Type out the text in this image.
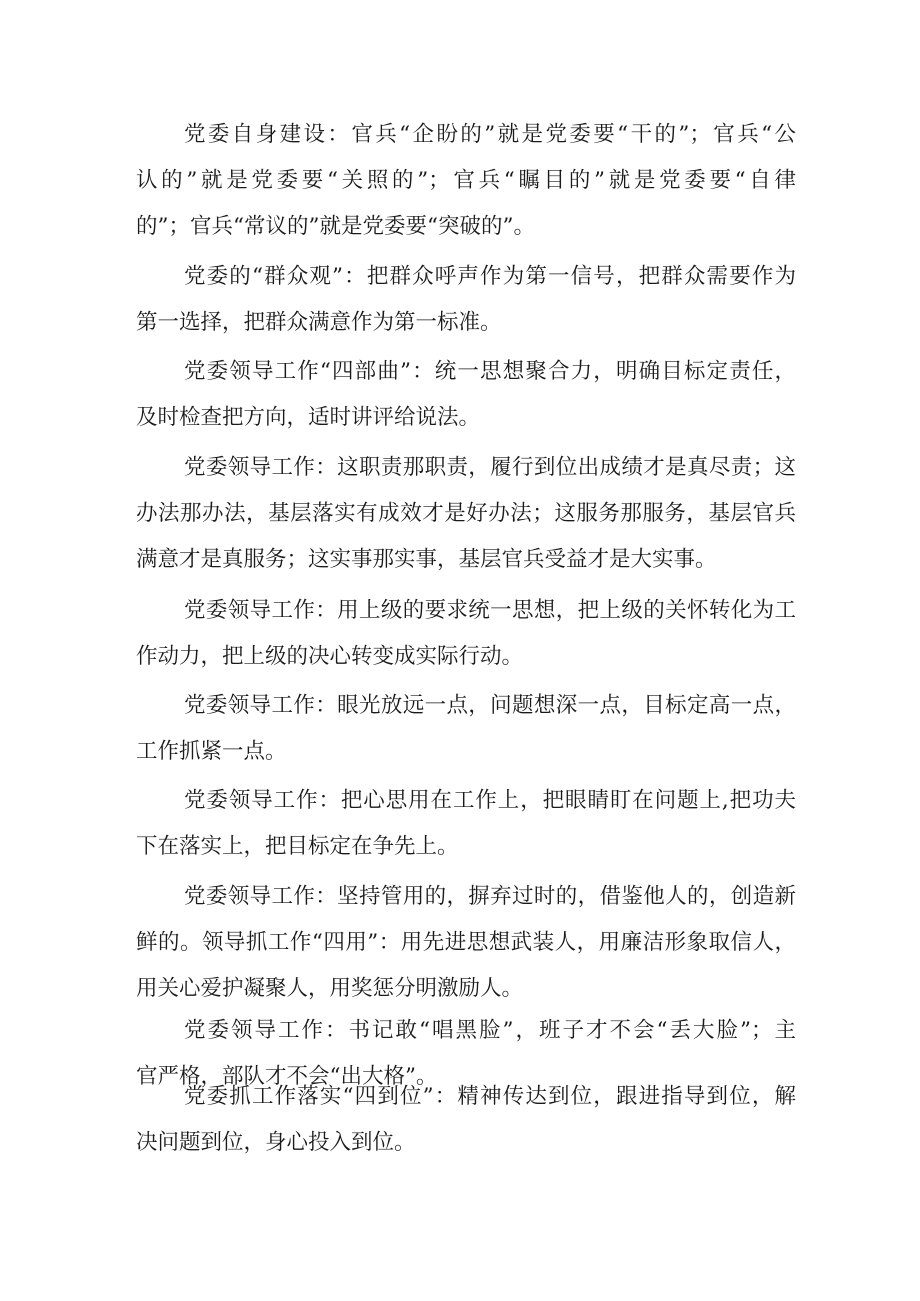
党委自身建设：官兵“企盼的”就是党委要“干的”；官兵“公
认的”就是党委要“关照的”；官兵“瞩目的”就是党委要“自律
的”；官兵“常议的”就是党委要“突破的”。
党委的“群众观”：把群众呼声作为第一信号，把群众需要作为
第一选择，把群众满意作为第一标准。
党委领导工作“四部曲”：统一思想聚合力，明确目标定责任，
及时检查把方向，适时讲评给说法。
党委领导工作：这职责那职责，履行到位出成绩才是真尽责；这
办法那办法，基层落实有成效才是好办法；这服务那服务，基层官兵
满意才是真服务；这实事那实事，基层官兵受益才是大实事。
党委领导工作：用上级的要求统一思想，把上级的关怀转化为工
作动力，把上级的决心转变成实际行动。
党委领导工作：眼光放远一点，问题想深一点，目标定高一点，
工作抓紧一点。
党委领导工作：把心思用在工作上，把眼睛盯在问题上,把功夫
下在落实上，把目标定在争先上。
党委领导工作：坚持管用的，摒弃过时的，借鉴他人的，创造新
鲜的。领导抓工作“四用”：用先进思想武装人，用廉洁形象取信人，
用关心爱护凝聚人，用奖惩分明激励人。
党委领导工作：书记敢“唱黑脸”，班子才不会“丢大脸”；主
官严格，部队才不会“出大格”。
党委抓工作落实“四到位”：精神传达到位，跟进指导到位，解
决问题到位，身心投入到位。
